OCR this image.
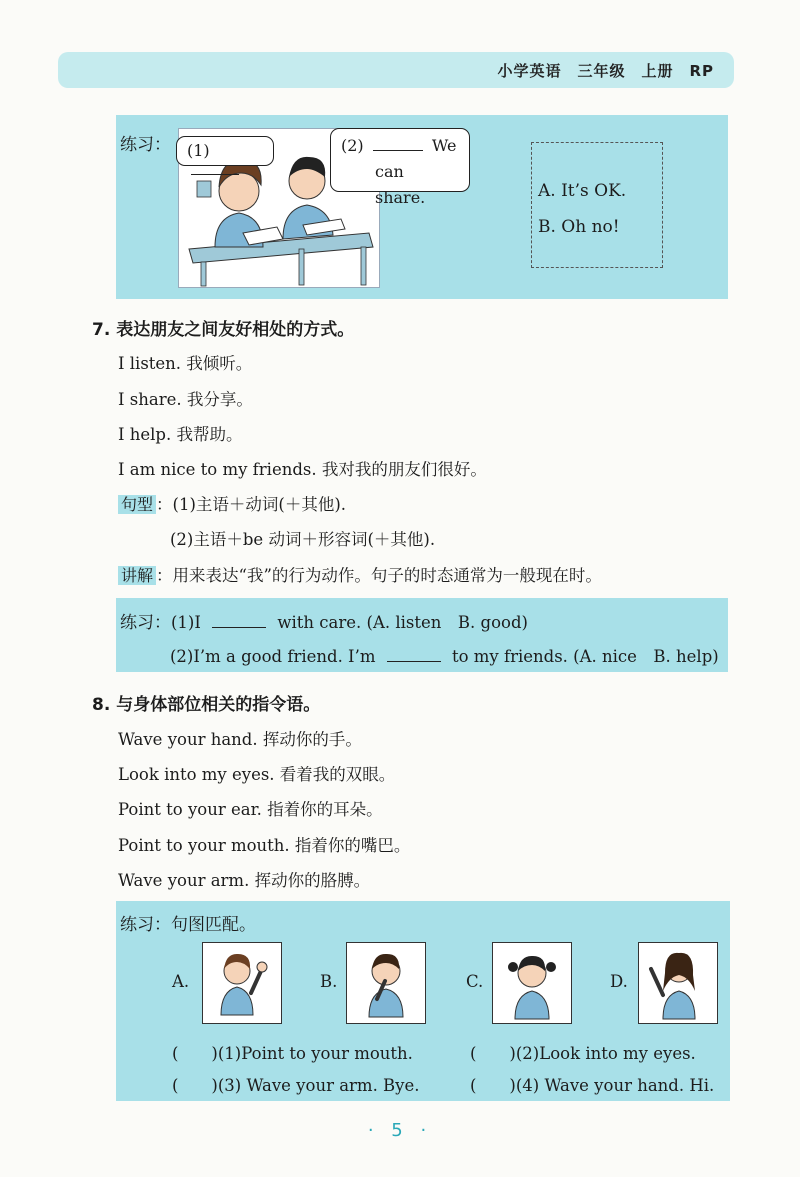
小学英语　三年级　上册　RP
练习：	(1)	(2)	We
can share.	A. It’s OK.
B. Oh no!
7. 表达朋友之间友好相处的方式。
I listen. 我倾听。
I share. 我分享。
I help. 我帮助。
I am nice to my friends. 我对我的朋友们很好。
句型 ：(1)主语＋动词(＋其他).
(2)主语＋be 动词＋形容词(＋其他).
讲解 ：用来表达“我”的行为动作。句子的时态通常为一般现在时。
练习：(1)I	with care. (A. listen　B. good)
(2)I’m a good friend. I’m	to my friends. (A. nice　B. help)
8. 与身体部位相关的指令语。
Wave your hand. 挥动你的手。
Look into my eyes. 看着我的双眼。
Point to your ear. 指着你的耳朵。
Point to your mouth. 指着你的嘴巴。
Wave your arm. 挥动你的胳膊。
练习：句图匹配。
A.	B.	C.	D.
(　　)(1)Point to your mouth.	(　　)(2)Look into my eyes.
(　　)(3) Wave your arm. Bye.	(　　)(4) Wave your hand. Hi.
· 5 ·
